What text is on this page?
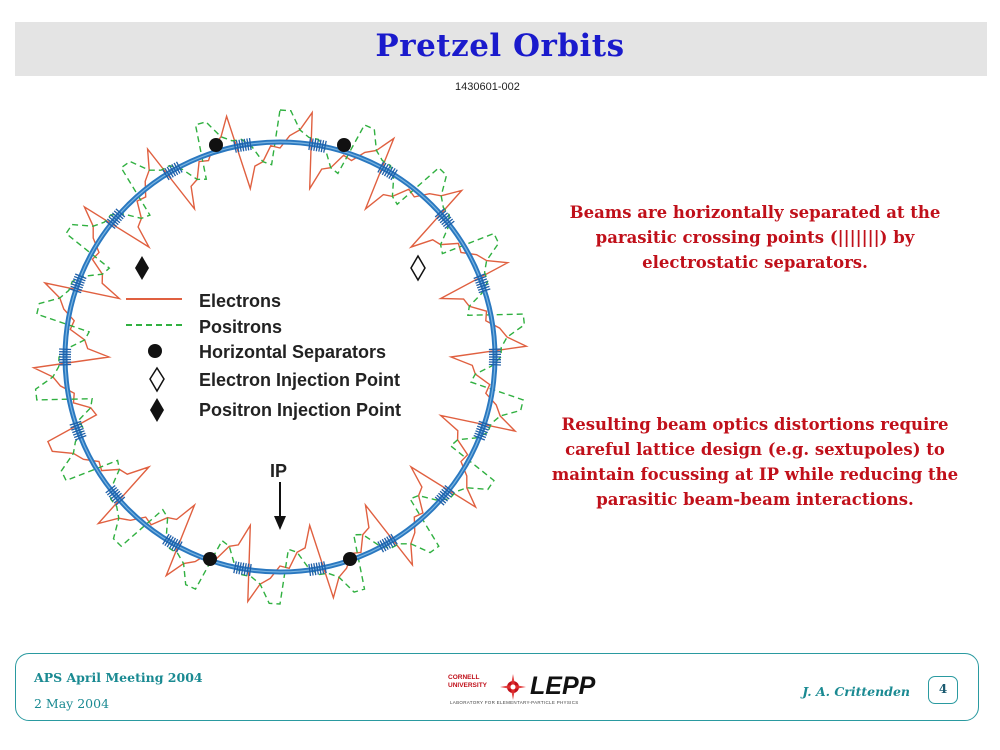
Pretzel Orbits
1430601-002
Electrons
Positrons
Horizontal Separators
Electron Injection Point
Positron Injection Point
IP
Beams are horizontally separated at the parasitic crossing points (|||||||) by electrostatic separators.
Resulting beam optics distortions require careful lattice design (e.g. sextupoles) to maintain focussing at IP while reducing the parasitic beam-beam interactions.
APS April Meeting 2004
2 May 2004
CORNELL
UNIVERSITY LEPP
LABORATORY FOR ELEMENTARY-PARTICLE PHYSICS
J. A. Crittenden	4
